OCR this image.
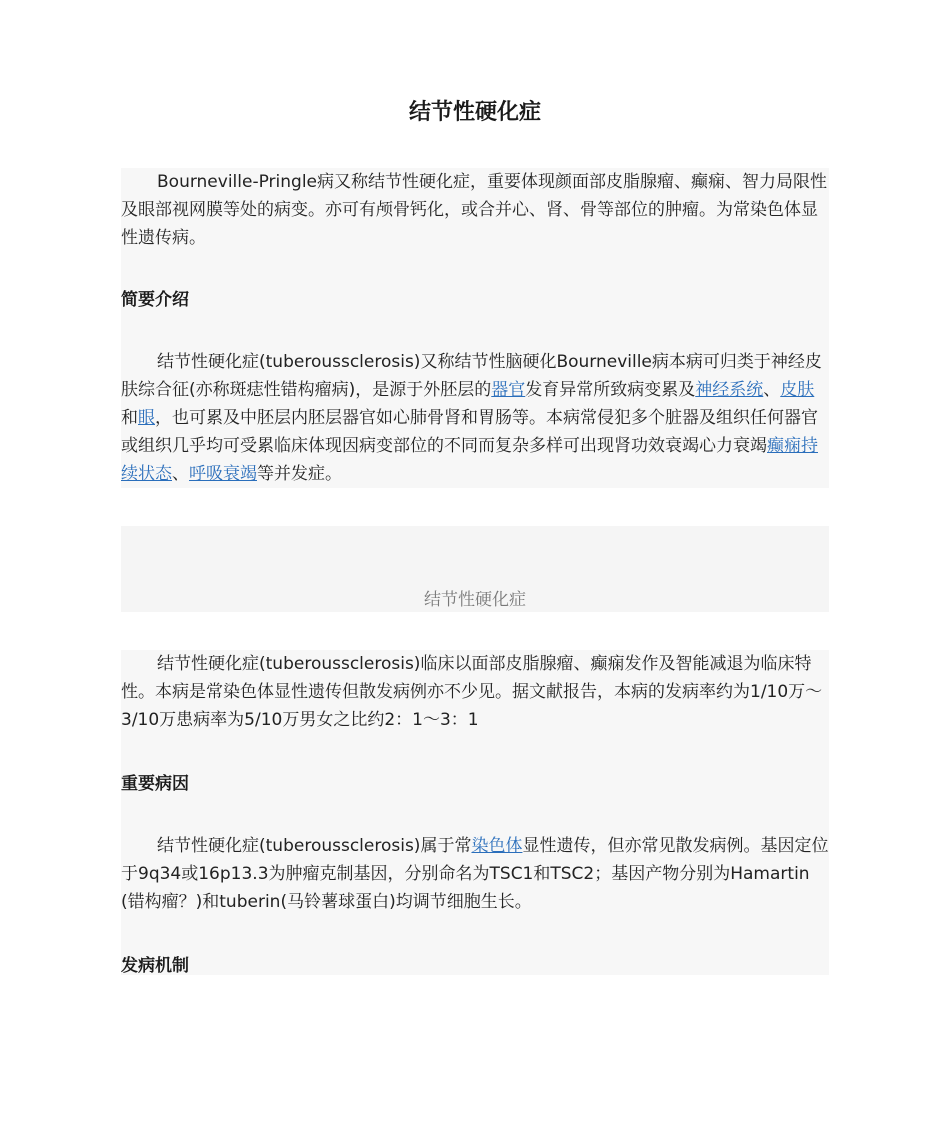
结节性硬化症

Bourneville-Pringle病又称结节性硬化症，重要体现颜面部皮脂腺瘤、癫痫、智力局限性及眼部视网膜等处的病变。亦可有颅骨钙化，或合并心、肾、骨等部位的肿瘤。为常染色体显性遗传病。

简要介绍

结节性硬化症(tuberoussclerosis)又称结节性脑硬化Bourneville病本病可归类于神经皮肤综合征(亦称斑痣性错构瘤病)，是源于外胚层的器官发育异常所致病变累及神经系统、皮肤和眼，也可累及中胚层内胚层器官如心肺骨肾和胃肠等。本病常侵犯多个脏器及组织任何器官或组织几乎均可受累临床体现因病变部位的不同而复杂多样可出现肾功效衰竭心力衰竭癫痫持续状态、呼吸衰竭等并发症。

结节性硬化症

结节性硬化症(tuberoussclerosis)临床以面部皮脂腺瘤、癫痫发作及智能减退为临床特性。本病是常染色体显性遗传但散发病例亦不少见。据文献报告，本病的发病率约为1/10万～3/10万患病率为5/10万男女之比约2：1～3：1

重要病因

结节性硬化症(tuberoussclerosis)属于常染色体显性遗传，但亦常见散发病例。基因定位于9q34或16p13.3为肿瘤克制基因，分别命名为TSC1和TSC2；基因产物分别为Hamartin(错构瘤？)和tuberin(马铃薯球蛋白)均调节细胞生长。

发病机制
